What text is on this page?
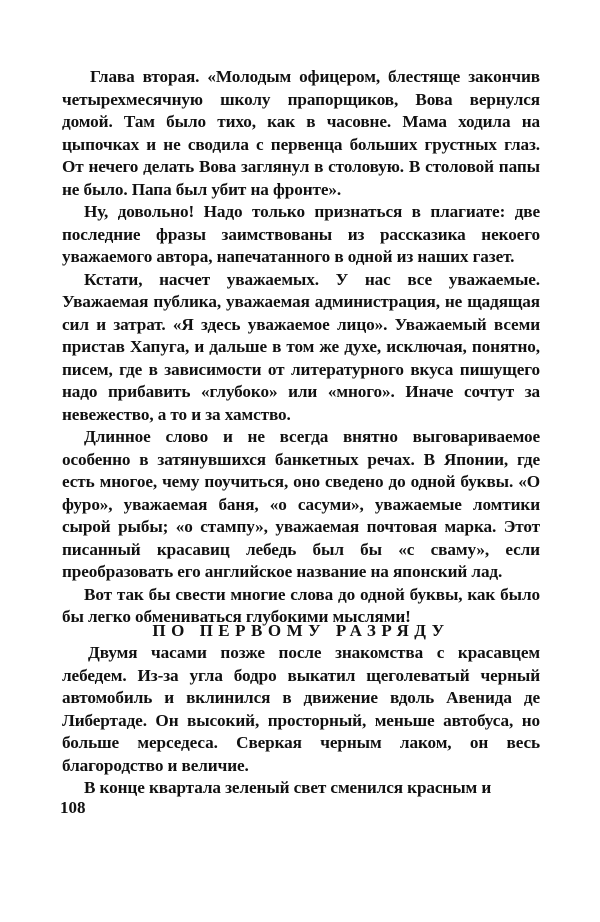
Глава вторая. «Молодым офицером, блестяще закончив четырехмесячную школу прапорщиков, Вова вернулся домой. Там было тихо, как в часовне. Мама ходила на цыпочках и не сводила с первенца больших грустных глаз. От нечего делать Вова заглянул в столовую. В столовой папы не было. Папа был убит на фронте».

Ну, довольно! Надо только признаться в плагиате: две последние фразы заимствованы из рассказика некоего уважаемого автора, напечатанного в одной из наших газет.

Кстати, насчет уважаемых. У нас все уважаемые. Уважаемая публика, уважаемая администрация, не щадящая сил и затрат. «Я здесь уважаемое лицо». Уважаемый всеми пристав Хапуга, и дальше в том же духе, исключая, понятно, писем, где в зависимости от литературного вкуса пишущего надо прибавить «глубоко» или «много». Иначе сочтут за невежество, а то и за хамство.

Длинное слово и не всегда внятно выговариваемое особенно в затянувшихся банкетных речах. В Японии, где есть многое, чему поучиться, оно сведено до одной буквы. «О фуро», уважаемая баня, «о сасуми», уважаемые ломтики сырой рыбы; «о стампу», уважаемая почтовая марка. Этот писанный красавиц лебедь был бы «с сваму», если преобразовать его английское название на японский лад.

Вот так бы свести многие слова до одной буквы, как было бы легко обмениваться глубокими мыслями!

ПО ПЕРВОМУ РАЗРЯДУ

Двумя часами позже после знакомства с красавцем лебедем. Из-за угла бодро выкатил щеголеватый черный автомобиль и вклинился в движение вдоль Авенида де Либертаде. Он высокий, просторный, меньше автобуса, но больше мерседеса. Сверкая черным лаком, он весь благородство и величие.

В конце квартала зеленый свет сменился красным и

108
